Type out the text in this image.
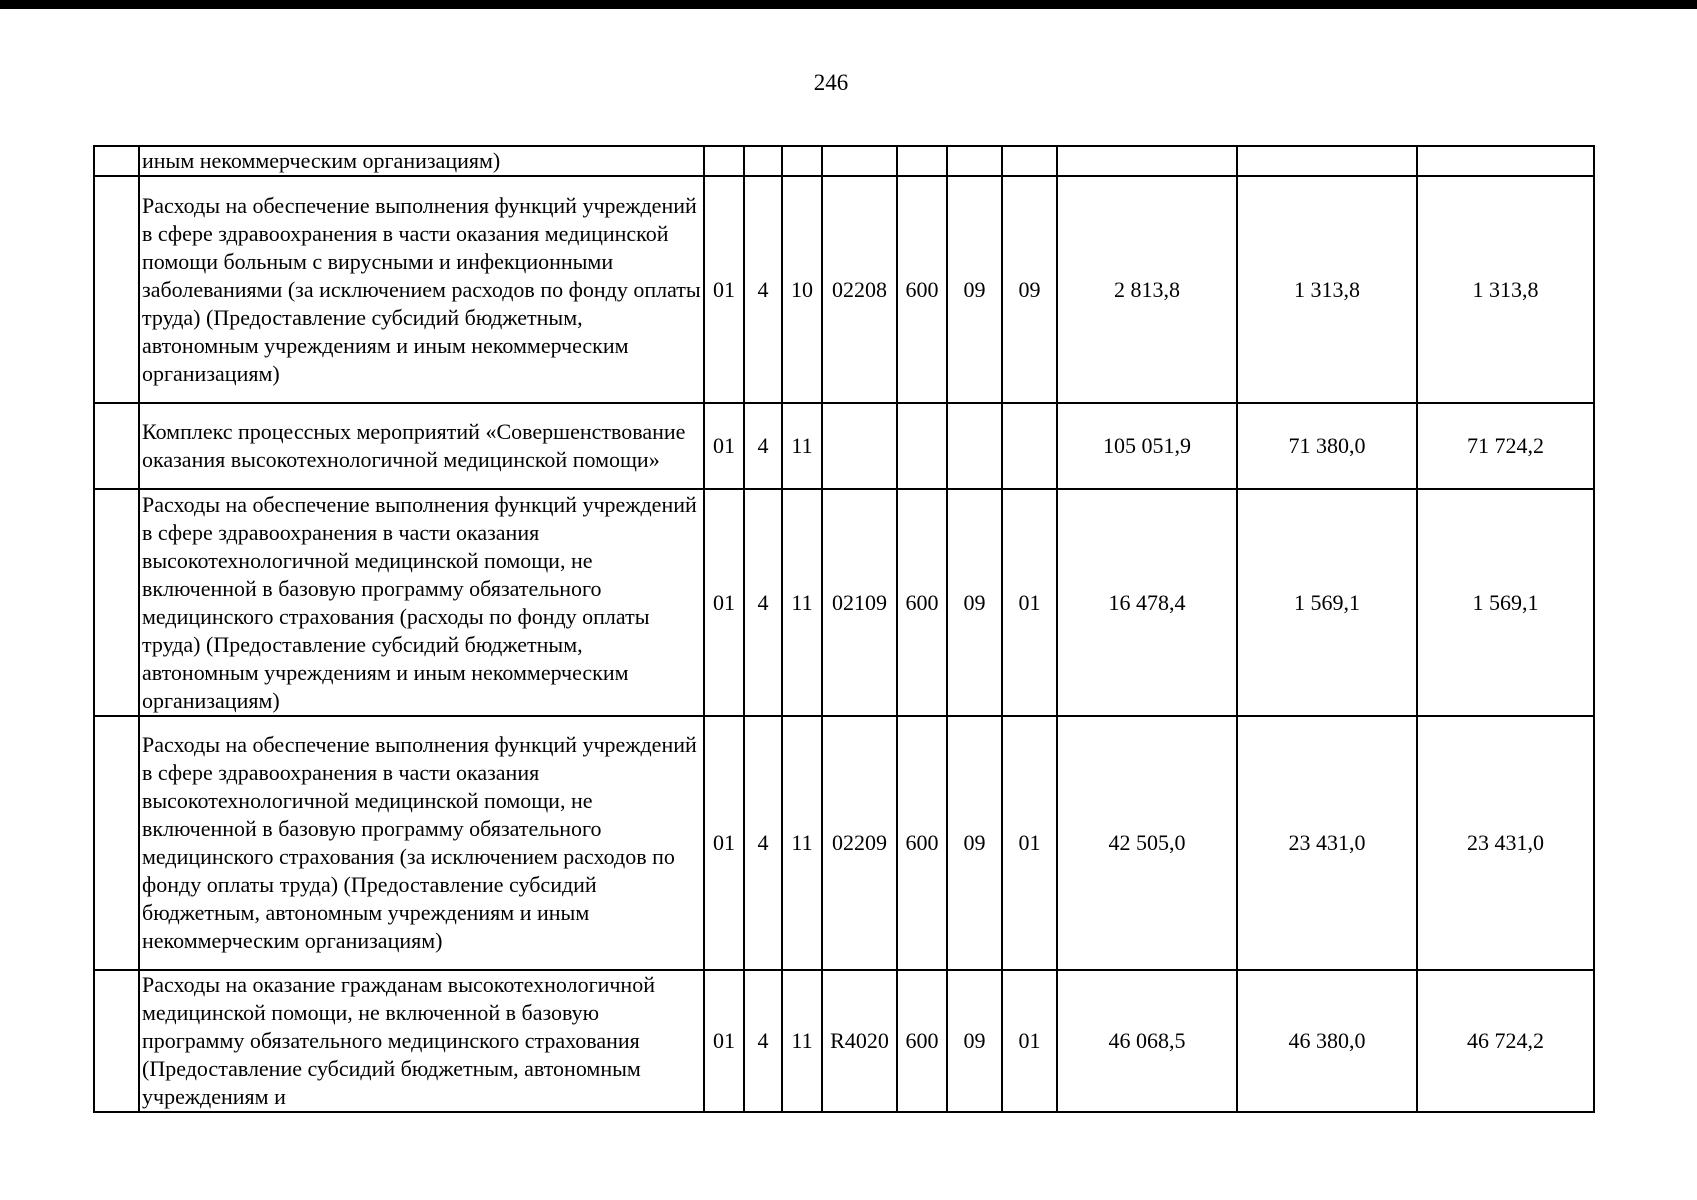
246
	иным некоммерческим организациям)										
	Расходы на обеспечение выполнения функций учреждений в сфере здравоохранения в части оказания медицинской помощи больным с вирусными и инфекционными заболеваниями (за исключением расходов по фонду оплаты труда) (Предоставление субсидий бюджетным, автономным учреждениям и иным некоммерческим организациям)	01	4	10	02208	600	09	09	2 813,8	1 313,8	1 313,8
	Комплекс процессных мероприятий «Совершенствование оказания высокотехнологичной медицинской помощи»	01	4	11					105 051,9	71 380,0	71 724,2
	Расходы на обеспечение выполнения функций учреждений в сфере здравоохранения в части оказания высокотехнологичной медицинской помощи, не включенной в базовую программу обязательного медицинского страхования (расходы по фонду оплаты труда) (Предоставление субсидий бюджетным, автономным учреждениям и иным некоммерческим организациям)	01	4	11	02109	600	09	01	16 478,4	1 569,1	1 569,1
	Расходы на обеспечение выполнения функций учреждений в сфере здравоохранения в части оказания высокотехнологичной медицинской помощи, не включенной в базовую программу обязательного медицинского страхования (за исключением расходов по фонду оплаты труда) (Предоставление субсидий бюджетным, автономным учреждениям и иным некоммерческим организациям)	01	4	11	02209	600	09	01	42 505,0	23 431,0	23 431,0
	Расходы на оказание гражданам высокотехнологичной медицинской помощи, не включенной в базовую программу обязательного медицинского страхования (Предоставление субсидий бюджетным, автономным учреждениям и	01	4	11	R4020	600	09	01	46 068,5	46 380,0	46 724,2
